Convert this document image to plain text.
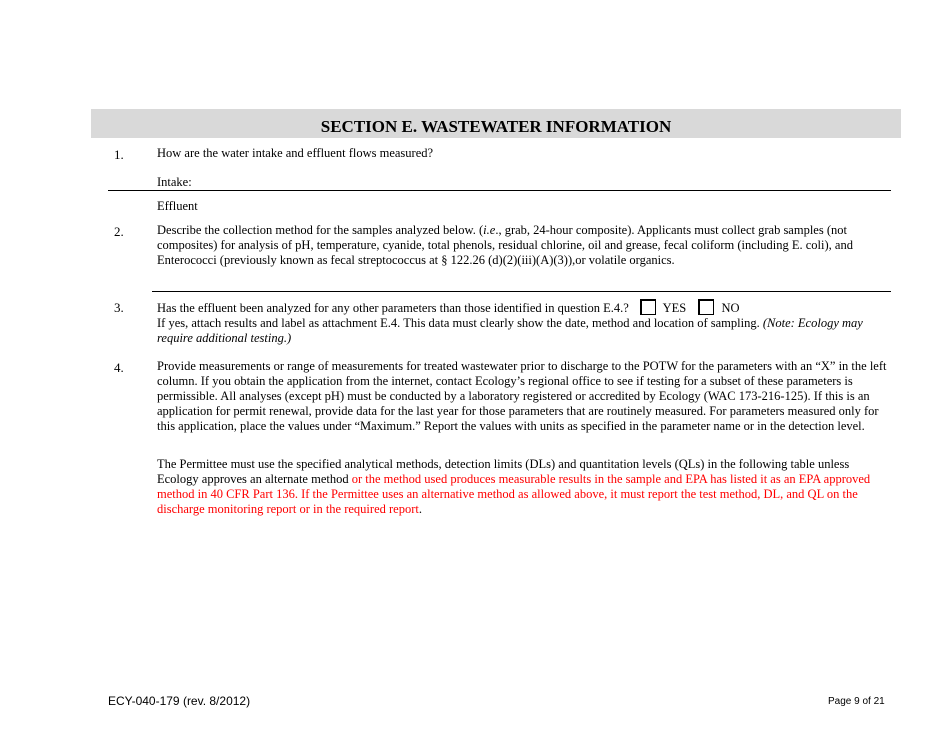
SECTION E. WASTEWATER INFORMATION
1.	How are the water intake and effluent flows measured?
Intake:
Effluent
2.	Describe the collection method for the samples analyzed below. (i.e., grab, 24-hour composite). Applicants must collect grab samples (not composites) for analysis of pH, temperature, cyanide, total phenols, residual chlorine, oil and grease, fecal coliform (including E. coli), and Enterococci (previously known as fecal streptococcus at § 122.26 (d)(2)(iii)(A)(3)),or volatile organics.
3.	Has the effluent been analyzed for any other parameters than those identified in question E.4.?	YES	NO
If yes, attach results and label as attachment E.4. This data must clearly show the date, method and location of sampling. (Note: Ecology may require additional testing.)
4.	Provide measurements or range of measurements for treated wastewater prior to discharge to the POTW for the parameters with an “X” in the left column. If you obtain the application from the internet, contact Ecology’s regional office to see if testing for a subset of these parameters is permissible. All analyses (except pH) must be conducted by a laboratory registered or accredited by Ecology (WAC 173-216-125). If this is an application for permit renewal, provide data for the last year for those parameters that are routinely measured. For parameters measured only for this application, place the values under “Maximum.” Report the values with units as specified in the parameter name or in the detection level.
The Permittee must use the specified analytical methods, detection limits (DLs) and quantitation levels (QLs) in the following table unless Ecology approves an alternate method or the method used produces measurable results in the sample and EPA has listed it as an EPA approved method in 40 CFR Part 136. If the Permittee uses an alternative method as allowed above, it must report the test method, DL, and QL on the discharge monitoring report or in the required report.
ECY-040-179 (rev. 8/2012)	Page 9 of 21
